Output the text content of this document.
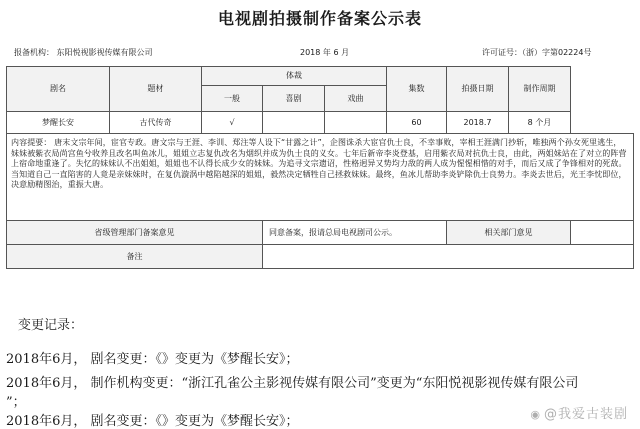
电视剧拍摄制作备案公示表
报备机构： 东阳悦视影视传媒有限公司	2018 年 6 月	许可证号：（浙）字第02224号
剧名	题材	体裁			集数	拍摄日期	制作周期	
		一般	喜剧	戏曲				
梦醒长安	古代传奇	√			60	2018.7	8 个月	
内容提要： 唐末文宗年间，宦官专政。唐文宗与王涯、李训、郑注等人设下“甘露之计”，企图诛杀大宦官仇士良，不幸事败，宰相王涯满门抄斩，唯独两个孙女死里逃生，妹妹被紫衣局尚宫鱼兮收养且改名叫鱼冰儿，姐姐立志复仇改名为烟织并成为仇士良的义女。七年后新帝李炎登基，启用紫衣局对抗仇士良，由此，两姐妹站在了对立的阵营上宿命地重逢了。失忆的妹妹认不出姐姐，姐姐也不认得长成少女的妹妹。为追寻文宗遗诏，性格迥异又势均力敌的两人成为惺惺相惜的对手，而后又成了争锋相对的死敌。当知道自己一直陷害的人竟是亲妹妹时，在复仇漩涡中越陷越深的姐姐，毅然决定牺牲自己拯救妹妹。最终，鱼冰儿帮助李炎铲除仇士良势力。李炎去世后，光王李忱即位，决意励精图治，重振大唐。								
省级管理部门备案意见			同意备案，报请总局电视剧司公示。			相关部门意见		
备注								
变更记录：
2018年6月， 剧名变更：《》变更为《梦醒长安》；
2018年6月， 制作机构变更：“浙江孔雀公主影视传媒有限公司”变更为“东阳悦视影视传媒有限公司
”；
2018年6月， 剧名变更：《》变更为《梦醒长安》；	◉ @我爱古装剧
